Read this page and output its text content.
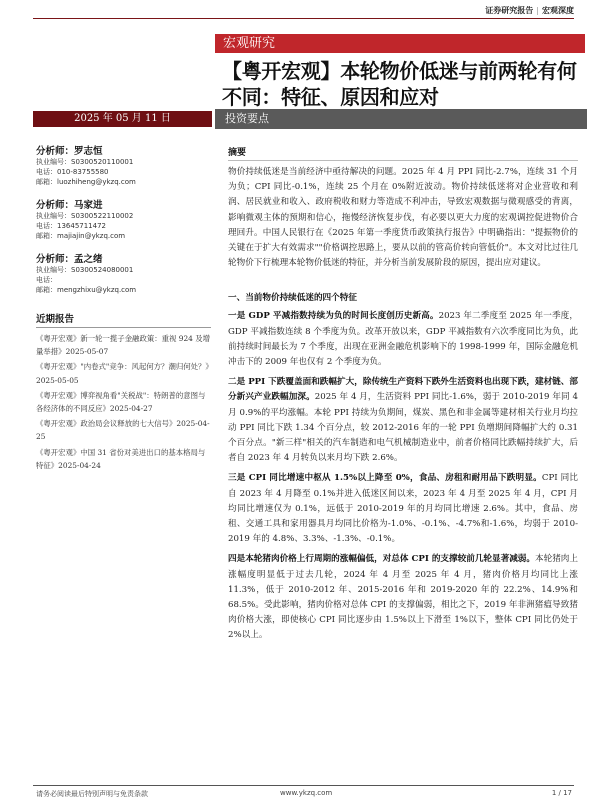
证券研究报告 | 宏观深度
宏观研究
【粤开宏观】本轮物价低迷与前两轮有何不同：特征、原因和应对
2025 年 05 月 11 日	投资要点
分析师：罗志恒
执业编号：S0300520110001
电话：010-83755580
邮箱：luozhiheng@ykzq.com
分析师：马家进
执业编号：S0300522110002
电话：13645711472
邮箱：majiajin@ykzq.com
分析师：孟之绪
执业编号：S0300524080001
电话：
邮箱：mengzhixu@ykzq.com
近期报告
《粤开宏观》新一轮一揽子金融政策：重视 924 及增量举措》2025-05-07
《粤开宏观》"内卷式"竞争：风起何方？潮归何处？》2025-05-05
《粤开宏观》博弈视角看"关税战"：特朗普的意图与各经济体的不同反应》2025-04-27
《粤开宏观》政治局会议释放的七大信号》2025-04-25
《粤开宏观》中国 31 省份对美进出口的基本格局与特征》2025-04-24
摘要

物价持续低迷是当前经济中亟待解决的问题。2025 年 4 月 PPI 同比-2.7%，连续 31 个月为负；CPI 同比-0.1%，连续 25 个月在 0%附近波动。物价持续低迷将对企业营收和利润、居民就业和收入、政府税收和财力等造成不利冲击，导致宏观数据与微观感受的背离，影响微观主体的预期和信心，拖慢经济恢复步伐，有必要以更大力度的宏观调控促进物价合理回升。中国人民银行在《2025 年第一季度货币政策执行报告》中明确指出："提振物价的关键在于扩大有效需求""价格调控思路上，要从以前的管高价转向管低价"。本文对比过往几轮物价下行梳理本轮物价低迷的特征，并分析当前发展阶段的原因，提出应对建议。

一、当前物价持续低迷的四个特征

一是 GDP 平减指数持续为负的时间长度创历史新高。2023 年二季度至 2025 年一季度，GDP 平减指数连续 8 个季度为负。改革开放以来，GDP 平减指数有六次季度同比为负，此前持续时间最长为 7 个季度，出现在亚洲金融危机影响下的 1998-1999 年，国际金融危机冲击下的 2009 年也仅有 2 个季度为负。

二是 PPI 下跌覆盖面和跌幅扩大，除传统生产资料下跌外生活资料也出现下跌，建材链、部分新兴产业跌幅加深。2025 年 4 月，生活资料 PPI 同比-1.6%，弱于 2010-2019 年同 4 月 0.9%的平均涨幅。本轮 PPI 持续为负期间，煤炭、黑色和非金属等建材相关行业月均拉动 PPI 同比下跌 1.34 个百分点，较 2012-2016 年的一轮 PPI 负增期间降幅扩大约 0.31 个百分点。"新三样"相关的汽车制造和电气机械制造业中，前者价格同比跌幅持续扩大，后者自 2023 年 4 月转负以来月均下跌 2.6%。

三是 CPI 同比增速中枢从 1.5%以上降至 0%，食品、房租和耐用品下跌明显。CPI 同比自 2023 年 4 月降至 0.1%并进入低迷区间以来，2023 年 4 月至 2025 年 4 月，CPI 月均同比增速仅为 0.1%，远低于 2010-2019 年的月均同比增速 2.6%。其中，食品、房租、交通工具和家用器具月均同比价格为-1.0%、-0.1%、-4.7%和-1.6%，均弱于 2010-2019 年的 4.8%、3.3%、-1.3%、-0.1%。

四是本轮猪肉价格上行周期的涨幅偏低，对总体 CPI 的支撑较前几轮显著减弱。本轮猪肉上涨幅度明显低于过去几轮，2024 年 4 月至 2025 年 4 月，猪肉价格月均同比上涨 11.3%，低于 2010-2012 年、2015-2016 年和 2019-2020 年的 22.2%、14.9%和 68.5%。受此影响，猪肉价格对总体 CPI 的支撑偏弱，相比之下，2019 年非洲猪瘟导致猪肉价格大涨，即使核心 CPI 同比逐步由 1.5%以上下滑至 1%以下，整体 CPI 同比仍处于 2%以上。

请务必阅读最后特别声明与免责条款	www.ykzq.com	1 / 17
